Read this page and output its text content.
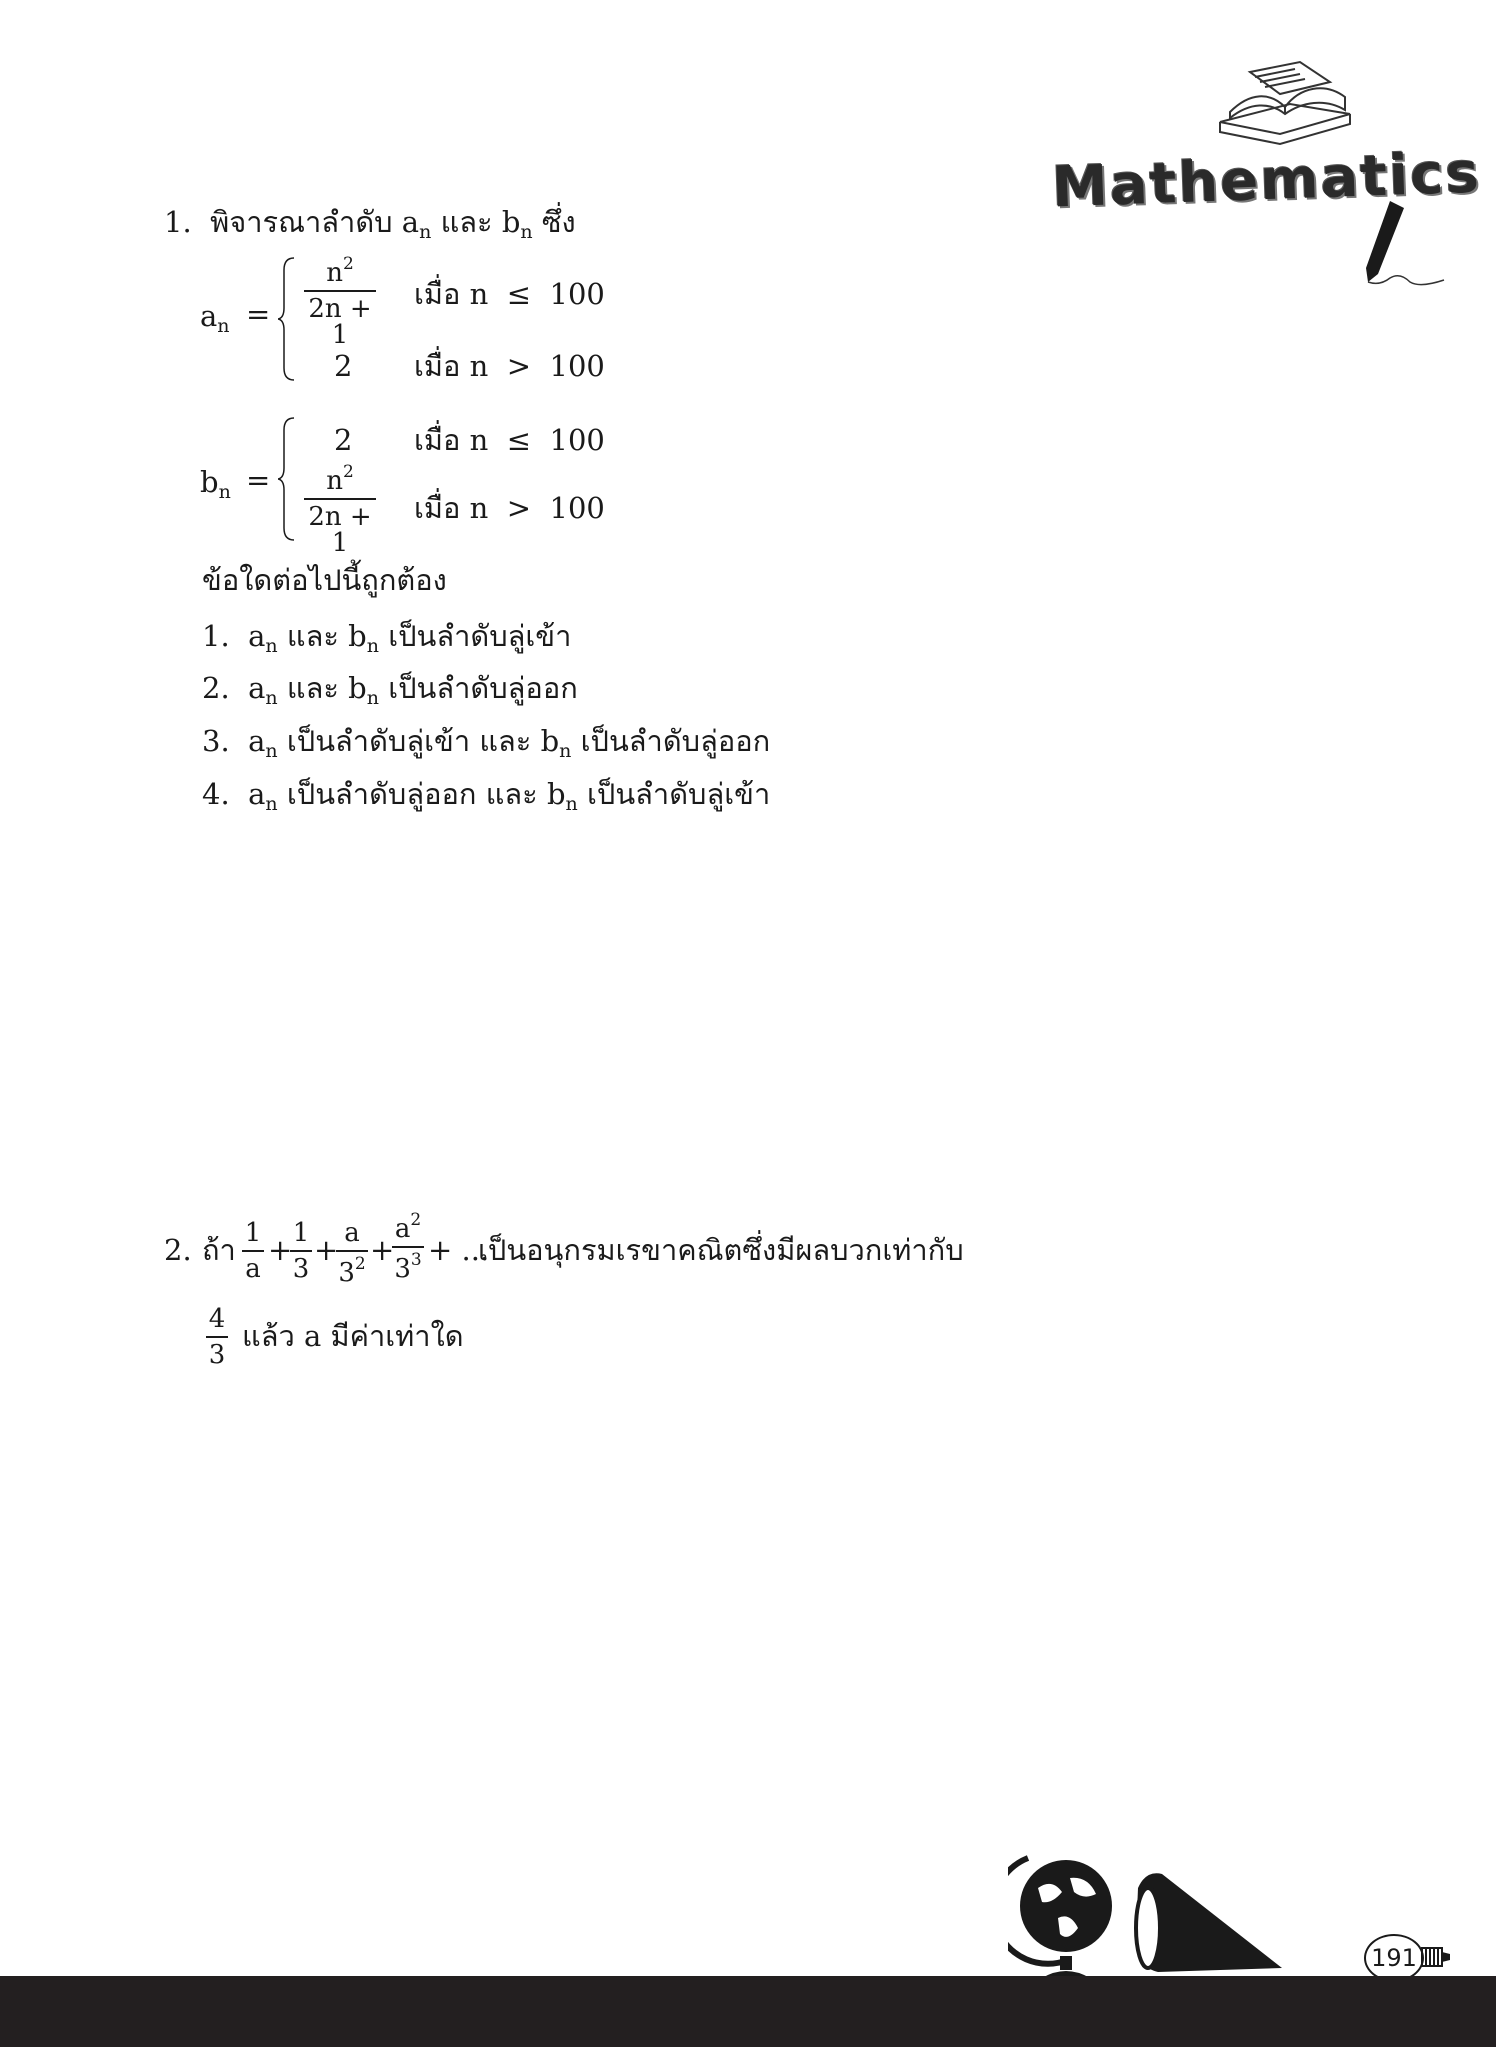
Mathematics
1. พิจารณาลำดับ $a_n$ และ $b_n$ ซึ่ง
$a_n$ =
$n^2$
2n + 1
เมื่อ n ≤ 100
2 เมื่อ n > 100
$b_n$ =
2 เมื่อ n ≤ 100
$n^2$
2n + 1
เมื่อ n > 100
ข้อใดต่อไปนี้ถูกต้อง
1. $a_n$ และ $b_n$ เป็นลำดับลู่เข้า
2. $a_n$ และ $b_n$ เป็นลำดับลู่ออก
3. $a_n$ เป็นลำดับลู่เข้า และ $b_n$ เป็นลำดับลู่ออก
4. $a_n$ เป็นลำดับลู่ออก และ $b_n$ เป็นลำดับลู่เข้า
2. ถ้า 1
a
+ 1
3
+ a
$3^2$ +
$a^2$
$3^3$ + ...
เป็นอนุกรมเรขาคณิตซึ่งมีผลบวกเท่ากับ
4
3
แล้ว a มีค่าเท่าใด
191
